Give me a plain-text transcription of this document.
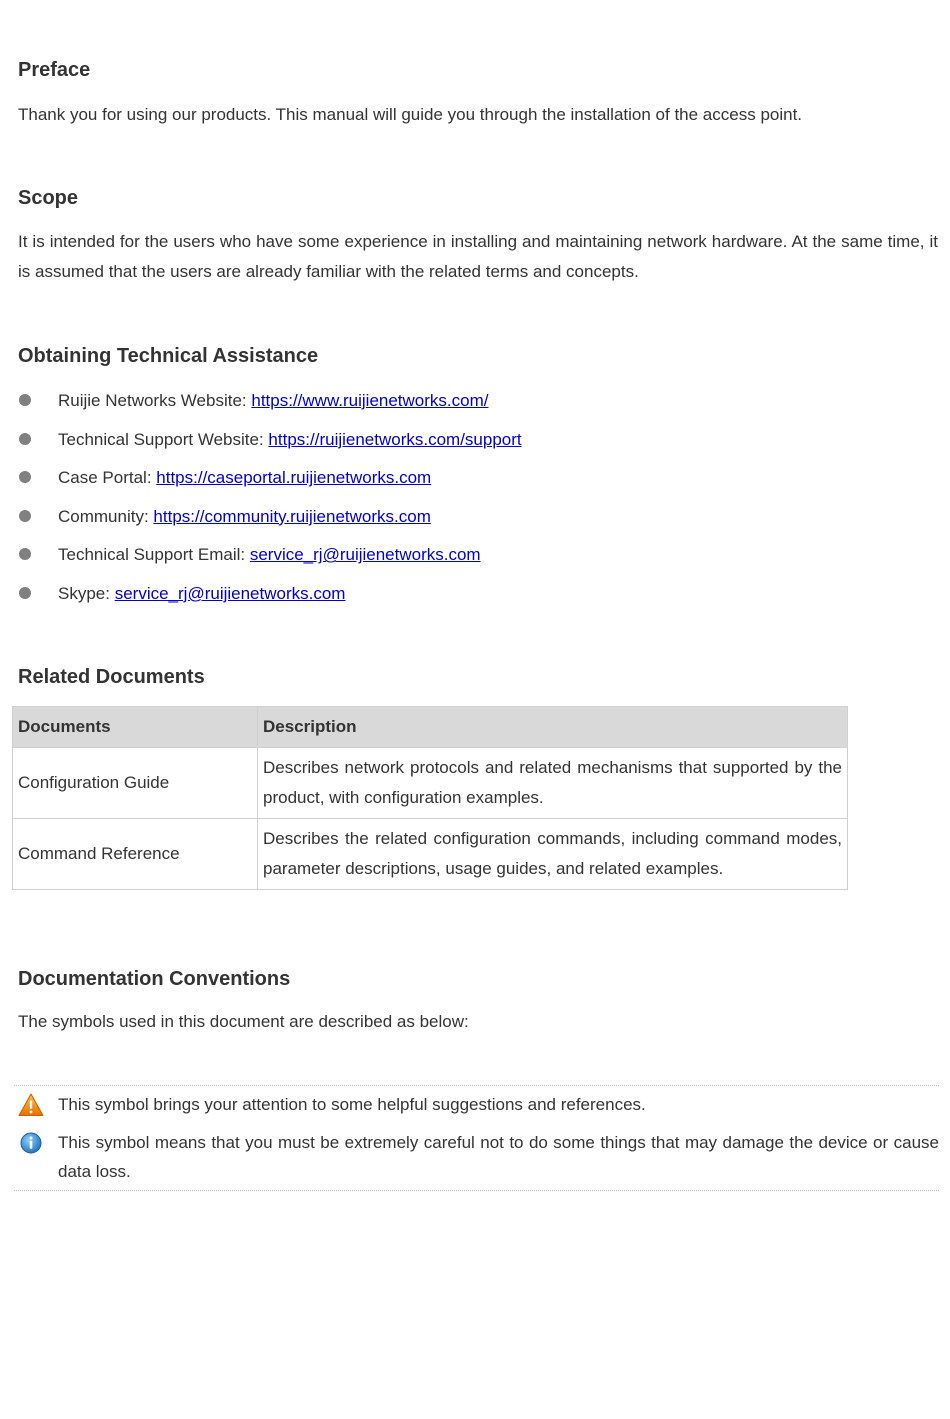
Preface

Thank you for using our products. This manual will guide you through the installation of the access point.

Scope

It is intended for the users who have some experience in installing and maintaining network hardware. At the same time, it is assumed that the users are already familiar with the related terms and concepts.

Obtaining Technical Assistance
Ruijie Networks Website: https://www.ruijienetworks.com/
Technical Support Website: https://ruijienetworks.com/support
Case Portal: https://caseportal.ruijienetworks.com
Community: https://community.ruijienetworks.com
Technical Support Email: service_rj@ruijienetworks.com
Skype: service_rj@ruijienetworks.com
Related Documents
Documents	Description
Configuration Guide	Describes network protocols and related mechanisms that supported by the product, with configuration examples.
Command Reference	Describes the related configuration commands, including command modes, parameter descriptions, usage guides, and related examples.
Documentation Conventions

The symbols used in this document are described as below:

This symbol brings your attention to some helpful suggestions and references.
This symbol means that you must be extremely careful not to do some things that may damage the device or cause data loss.
